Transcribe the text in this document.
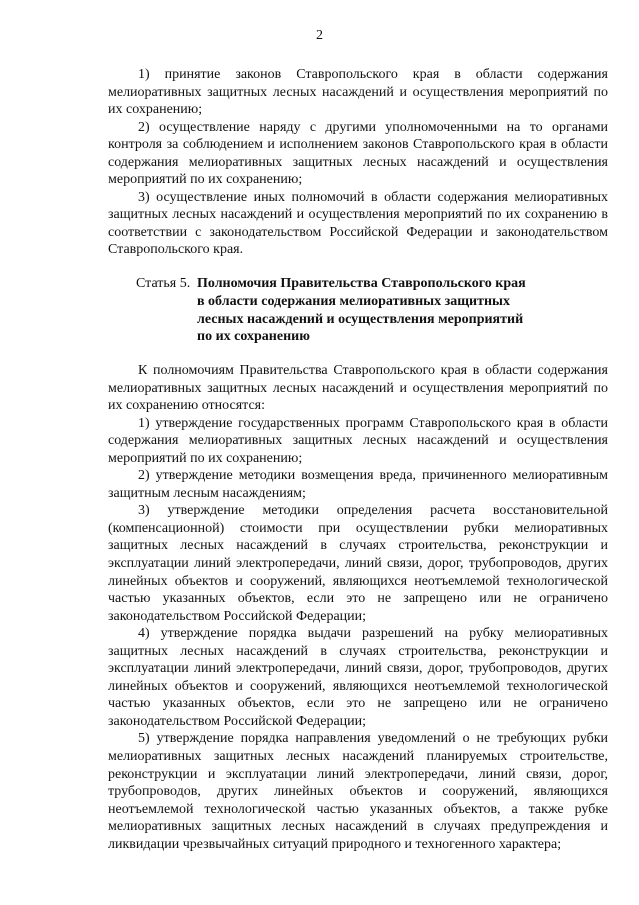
2

1) принятие законов Ставропольского края в области содержания мелиоративных защитных лесных насаждений и осуществления мероприятий по их сохранению;

2) осуществление наряду с другими уполномоченными на то органами контроля за соблюдением и исполнением законов Ставропольского края в области содержания мелиоративных защитных лесных насаждений и осуществления мероприятий по их сохранению;

3) осуществление иных полномочий в области содержания мелиоративных защитных лесных насаждений и осуществления мероприятий по их сохранению в соответствии с законодательством Российской Федерации и законодательством Ставропольского края.

Статья 5. Полномочия Правительства Ставропольского края
в области содержания мелиоративных защитных
лесных насаждений и осуществления мероприятий
по их сохранению

К полномочиям Правительства Ставропольского края в области содержания мелиоративных защитных лесных насаждений и осуществления мероприятий по их сохранению относятся:

1) утверждение государственных программ Ставропольского края в области содержания мелиоративных защитных лесных насаждений и осуществления мероприятий по их сохранению;

2) утверждение методики возмещения вреда, причиненного мелиоративным защитным лесным насаждениям;

3) утверждение методики определения расчета восстановительной (компенсационной) стоимости при осуществлении рубки мелиоративных защитных лесных насаждений в случаях строительства, реконструкции и эксплуатации линий электропередачи, линий связи, дорог, трубопроводов, других линейных объектов и сооружений, являющихся неотъемлемой технологической частью указанных объектов, если это не запрещено или не ограничено законодательством Российской Федерации;

4) утверждение порядка выдачи разрешений на рубку мелиоративных защитных лесных насаждений в случаях строительства, реконструкции и эксплуатации линий электропередачи, линий связи, дорог, трубопроводов, других линейных объектов и сооружений, являющихся неотъемлемой технологической частью указанных объектов, если это не запрещено или не ограничено законодательством Российской Федерации;

5) утверждение порядка направления уведомлений о не требующих рубки мелиоративных защитных лесных насаждений планируемых строительстве, реконструкции и эксплуатации линий электропередачи, линий связи, дорог, трубопроводов, других линейных объектов и сооружений, являющихся неотъемлемой технологической частью указанных объектов, а также рубке мелиоративных защитных лесных насаждений в случаях предупреждения и ликвидации чрезвычайных ситуаций природного и техногенного характера;
